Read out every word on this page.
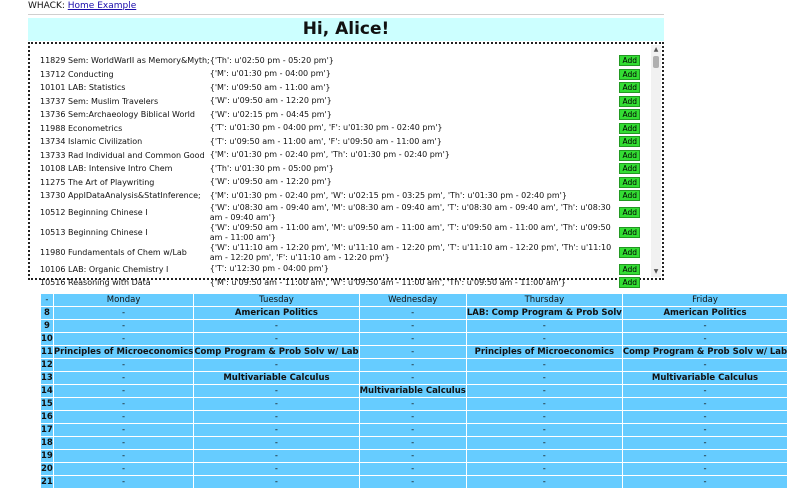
WHACK: Home Example
Hi, Alice!
11829 Sem: WorldWarII as Memory&Myth;	{'Th': u'02:50 pm - 05:20 pm'}	Add
13712 Conducting	{'M': u'01:30 pm - 04:00 pm'}	Add
10101 LAB: Statistics	{'M': u'09:50 am - 11:00 am'}	Add
13737 Sem: Muslim Travelers	{'W': u'09:50 am - 12:20 pm'}	Add
13736 Sem:Archaeology Biblical World	{'W': u'02:15 pm - 04:45 pm'}	Add
11988 Econometrics	{'T': u'01:30 pm - 04:00 pm', 'F': u'01:30 pm - 02:40 pm'}	Add
13734 Islamic Civilization	{'T': u'09:50 am - 11:00 am', 'F': u'09:50 am - 11:00 am'}	Add
13733 Rad Individual and Common Good	{'M': u'01:30 pm - 02:40 pm', 'Th': u'01:30 pm - 02:40 pm'}	Add
10108 LAB: Intensive Intro Chem	{'Th': u'01:30 pm - 05:00 pm'}	Add
11275 The Art of Playwriting	{'W': u'09:50 am - 12:20 pm'}	Add
13730 ApplDataAnalysis&StatInference;	{'M': u'01:30 pm - 02:40 pm', 'W': u'02:15 pm - 03:25 pm', 'Th': u'01:30 pm - 02:40 pm'}	Add
10512 Beginning Chinese I	{'W': u'08:30 am - 09:40 am', 'M': u'08:30 am - 09:40 am', 'T': u'08:30 am - 09:40 am', 'Th': u'08:30 am - 09:40 am'}	Add
10513 Beginning Chinese I	{'W': u'09:50 am - 11:00 am', 'M': u'09:50 am - 11:00 am', 'T': u'09:50 am - 11:00 am', 'Th': u'09:50 am - 11:00 am'}	Add
11980 Fundamentals of Chem w/Lab	{'W': u'11:10 am - 12:20 pm', 'M': u'11:10 am - 12:20 pm', 'T': u'11:10 am - 12:20 pm', 'Th': u'11:10 am - 12:20 pm', 'F': u'11:10 am - 12:20 pm'}	Add
10106 LAB: Organic Chemistry I	{'T': u'12:30 pm - 04:00 pm'}	Add
10516 Reasoning with Data	{'M': u'09:50 am - 11:00 am', 'W': u'09:50 am - 11:00 am', 'Th': u'09:50 am - 11:00 am'}	Add
▲
▼
-	Monday	Tuesday	Wednesday	Thursday	Friday
8	-	American Politics	-	LAB: Comp Program & Prob Solv	American Politics
9	-	-	-	-	-
10	-	-	-	-	-
11	Principles of Microeconomics	Comp Program & Prob Solv w/ Lab	-	Principles of Microeconomics	Comp Program & Prob Solv w/ Lab
12	-	-	-	-	-
13	-	Multivariable Calculus	-	-	Multivariable Calculus
14	-	-	Multivariable Calculus	-	-
15	-	-	-	-	-
16	-	-	-	-	-
17	-	-	-	-	-
18	-	-	-	-	-
19	-	-	-	-	-
20	-	-	-	-	-
21	-	-	-	-	-
